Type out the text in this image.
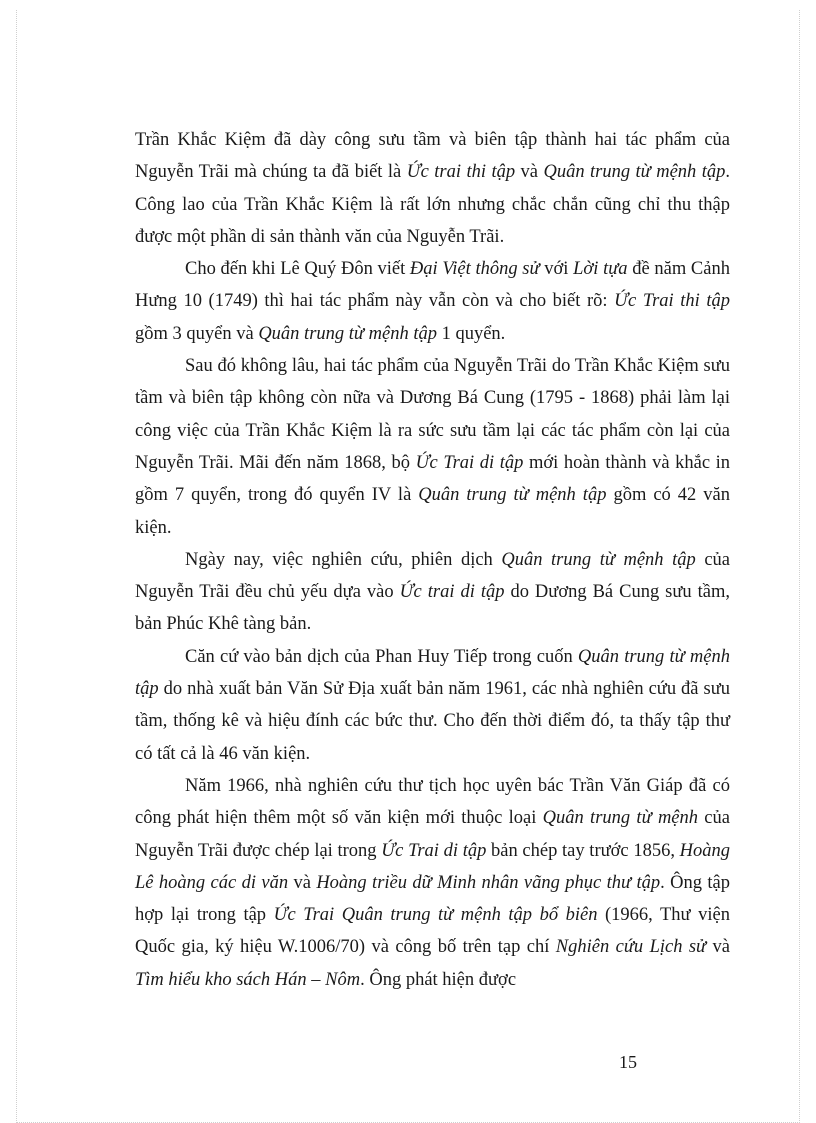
Trần Khắc Kiệm đã dày công sưu tầm và biên tập thành hai tác phẩm của Nguyễn Trãi mà chúng ta đã biết là Ức trai thi tập và Quân trung từ mệnh tập. Công lao của Trần Khắc Kiệm là rất lớn nhưng chắc chắn cũng chỉ thu thập được một phần di sản thành văn của Nguyễn Trãi.

Cho đến khi Lê Quý Đôn viết Đại Việt thông sử với Lời tựa đề năm Cảnh Hưng 10 (1749) thì hai tác phẩm này vẫn còn và cho biết rõ: Ức Trai thi tập gồm 3 quyển và Quân trung từ mệnh tập 1 quyển.

Sau đó không lâu, hai tác phẩm của Nguyễn Trãi do Trần Khắc Kiệm sưu tầm và biên tập không còn nữa và Dương Bá Cung (1795 - 1868) phải làm lại công việc của Trần Khắc Kiệm là ra sức sưu tầm lại các tác phẩm còn lại của Nguyễn Trãi. Mãi đến năm 1868, bộ Ức Trai di tập mới hoàn thành và khắc in gồm 7 quyển, trong đó quyển IV là Quân trung từ mệnh tập gồm có 42 văn kiện.

Ngày nay, việc nghiên cứu, phiên dịch Quân trung từ mệnh tập của Nguyễn Trãi đều chủ yếu dựa vào Ức trai di tập do Dương Bá Cung sưu tầm, bản Phúc Khê tàng bản.

Căn cứ vào bản dịch của Phan Huy Tiếp trong cuốn Quân trung từ mệnh tập do nhà xuất bản Văn Sử Địa xuất bản năm 1961, các nhà nghiên cứu đã sưu tầm, thống kê và hiệu đính các bức thư. Cho đến thời điểm đó, ta thấy tập thư có tất cả là 46 văn kiện.

Năm 1966, nhà nghiên cứu thư tịch học uyên bác Trần Văn Giáp đã có công phát hiện thêm một số văn kiện mới thuộc loại Quân trung từ mệnh của Nguyễn Trãi được chép lại trong Ức Trai di tập bản chép tay trước 1856, Hoàng Lê hoàng các di văn và Hoàng triều dữ Minh nhân vãng phục thư tập. Ông tập hợp lại trong tập Ức Trai Quân trung từ mệnh tập bổ biên (1966, Thư viện Quốc gia, ký hiệu W.1006/70) và công bố trên tạp chí Nghiên cứu Lịch sử và Tìm hiểu kho sách Hán – Nôm. Ông phát hiện được

15
